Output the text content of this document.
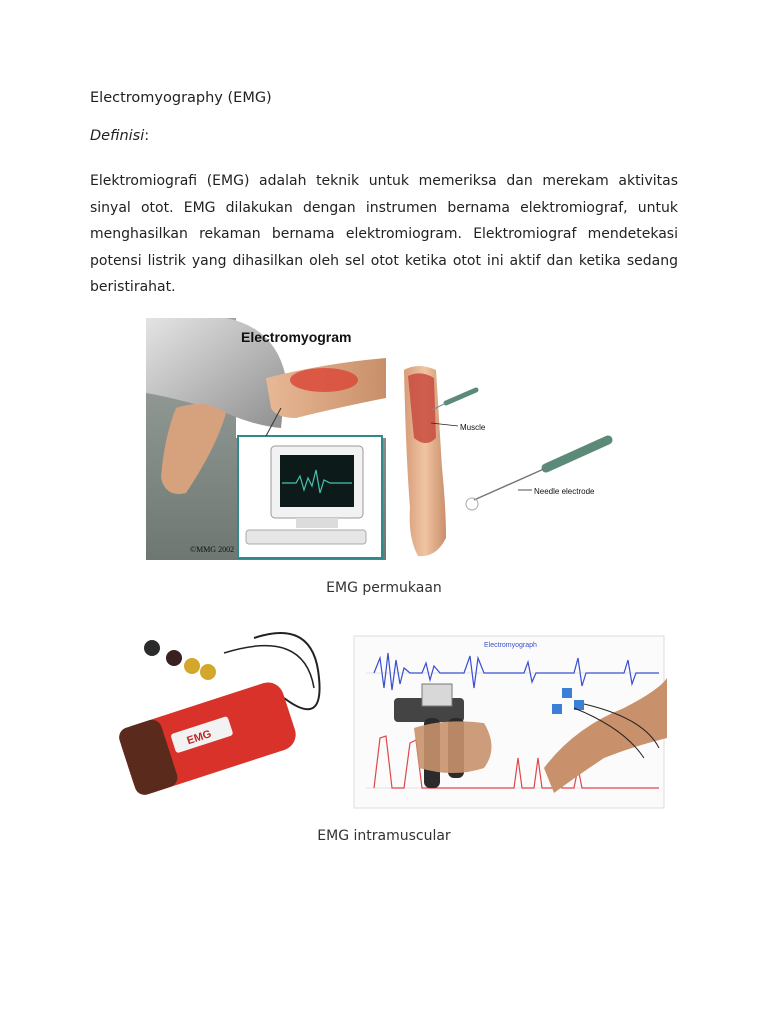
Electromyography (EMG)
Definisi:
Elektromiografi (EMG) adalah teknik untuk memeriksa dan merekam aktivitas sinyal otot. EMG dilakukan dengan instrumen bernama elektromiograf, untuk menghasilkan rekaman bernama elektromiogram. Elektromiograf mendetekasi potensi listrik yang dihasilkan oleh sel otot ketika otot ini aktif dan ketika sedang beristirahat.
Electromyogram
©MMG 2002
Muscle
Needle electrode
EMG permukaan
EMG
Electromyograph
EMG intramuscular
